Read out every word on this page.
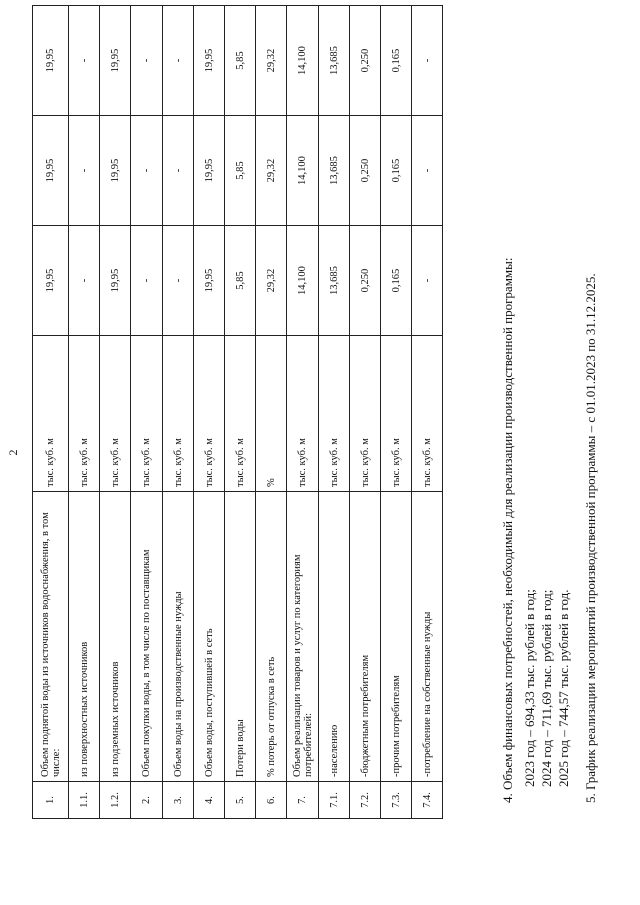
2
1.	Объем поднятой воды из источников водоснабжения, в том числе:	тыс. куб. м	19,95	19,95	19,95
1.1.	из поверхностных источников	тыс. куб. м	-	-	-
1.2.	из подземных источников	тыс. куб. м	19,95	19,95	19,95
2.	Объем покупки воды, в том числе по поставщикам	тыс. куб. м	-	-	-
3.	Объем воды на производственные нужды	тыс. куб. м	-	-	-
4.	Объем воды, поступившей в сеть	тыс. куб. м	19,95	19,95	19,95
5.	Потери воды	тыс. куб. м	5,85	5,85	5,85
6.	% потерь от отпуска в сеть	%	29,32	29,32	29,32
7.	Объем реализации товаров и услуг по категориям потребителей:	тыс. куб. м	14,100	14,100	14,100
7.1.	-населению	тыс. куб. м	13,685	13,685	13,685
7.2.	-бюджетным потребителям	тыс. куб. м	0,250	0,250	0,250
7.3.	-прочим потребителям	тыс. куб. м	0,165	0,165	0,165
7.4.	-потребление на собственные нужды	тыс. куб. м	-	-	-
4. Объем финансовых потребностей, необходимый для реализации производственной программы: 2023 год – 694,33 тыс. рублей в год; 2024 год – 711,69 тыс. рублей в год; 2025 год – 744,57 тыс. рублей в год. 5. График реализации мероприятий производственной программы – с 01.01.2023 по 31.12.2025.
